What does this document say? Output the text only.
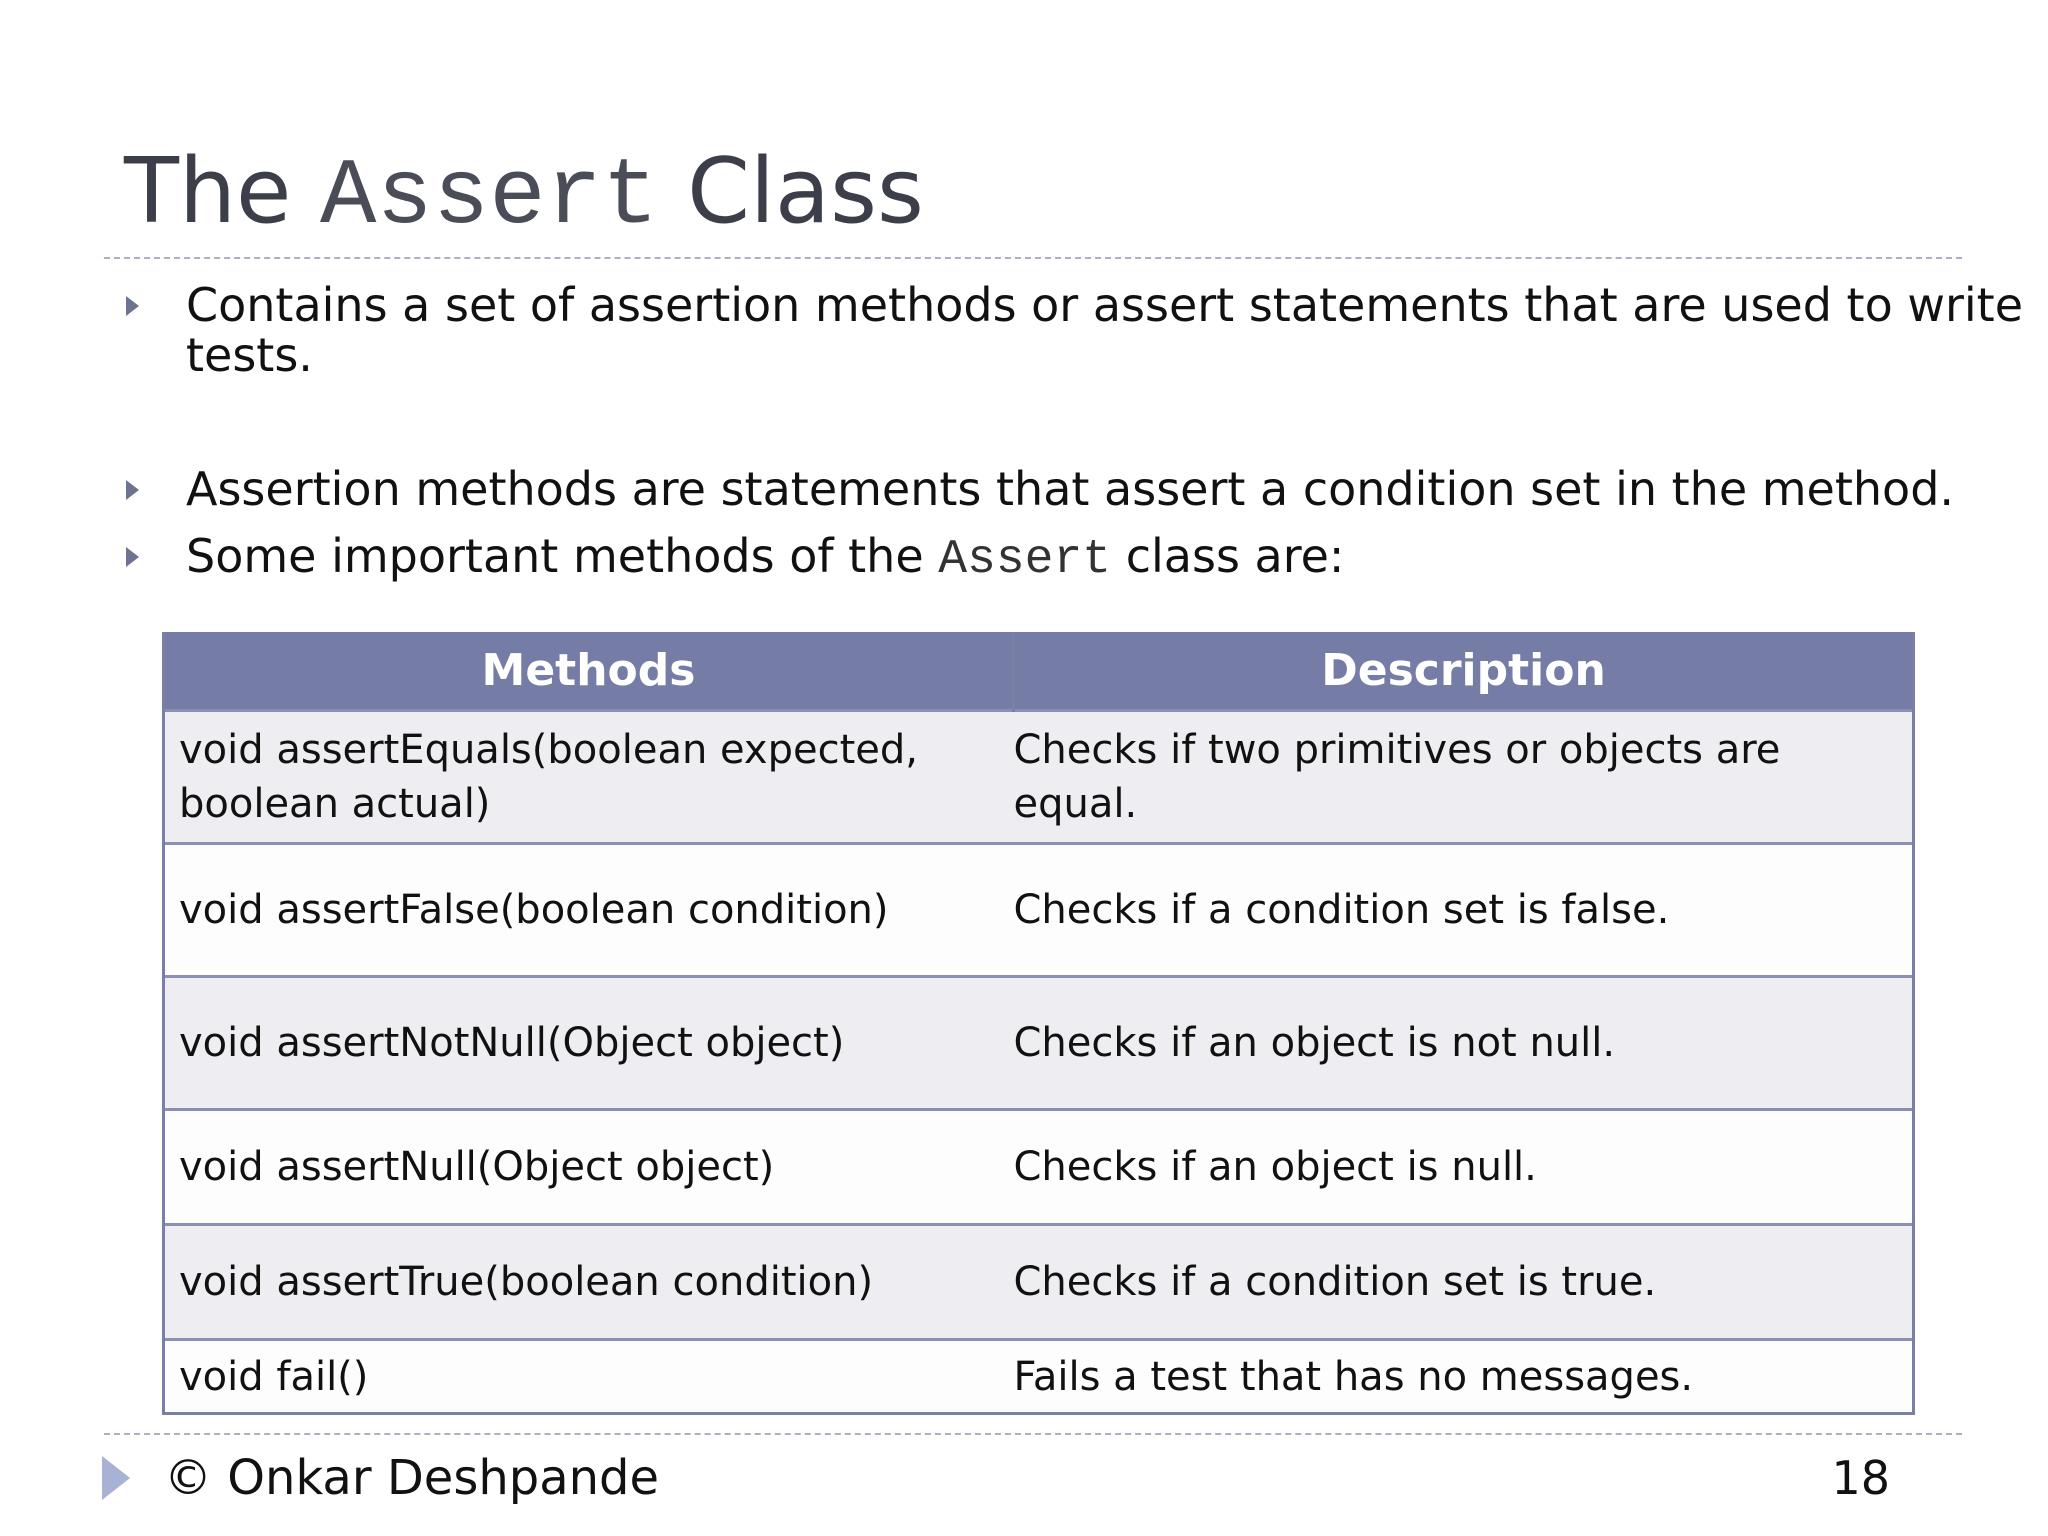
The Assert Class
Contains a set of assertion methods or assert statements that are used to write tests.
Assertion methods are statements that assert a condition set in the method.
Some important methods of the Assert class are:
Methods	Description
void assertEquals(boolean expected, boolean actual)	Checks if two primitives or objects are equal.
void assertFalse(boolean condition)	Checks if a condition set is false.
void assertNotNull(Object object)	Checks if an object is not null.
void assertNull(Object object)	Checks if an object is null.
void assertTrue(boolean condition)	Checks if a condition set is true.
void fail()	Fails a test that has no messages.
© Onkar Deshpande	18
